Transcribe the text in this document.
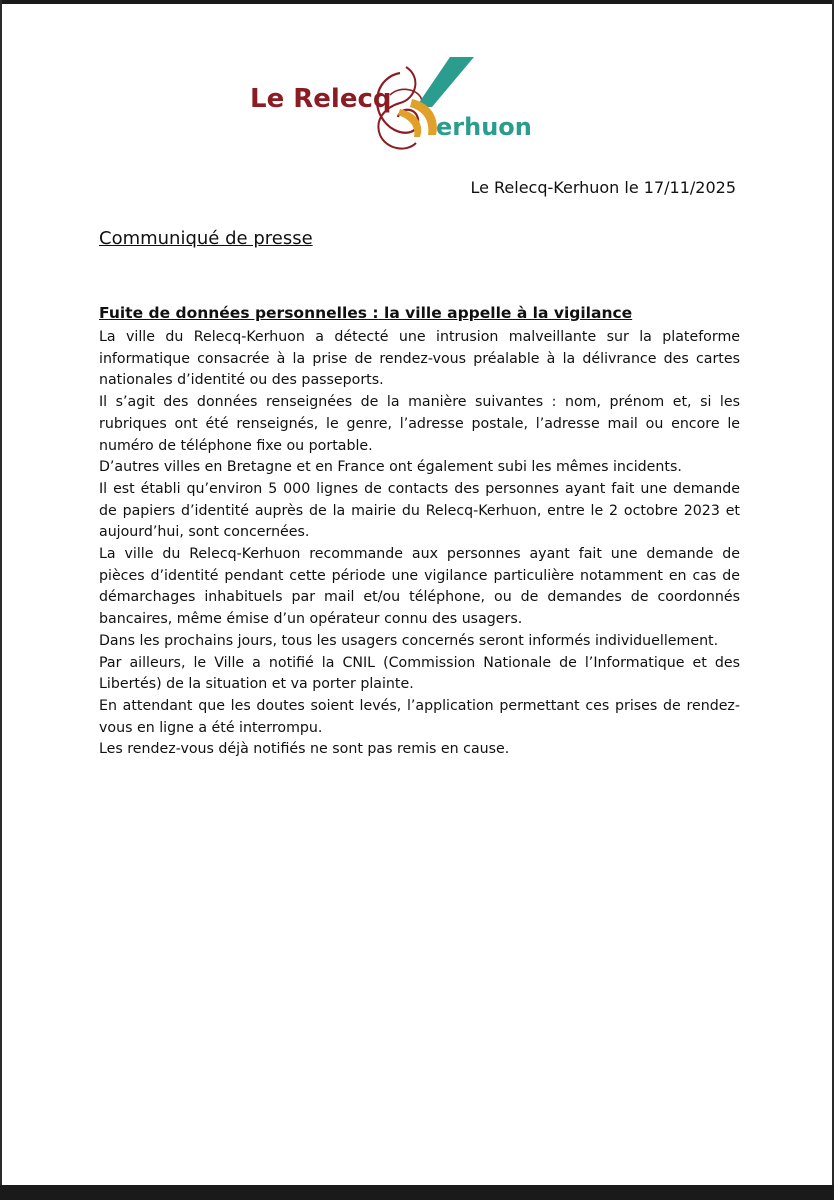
Le Relecq
erhuon
Le Relecq-Kerhuon le 17/11/2025
Communiqué de presse
Fuite de données personnelles : la ville appelle à la vigilance

La ville du Relecq-Kerhuon a détecté une intrusion malveillante sur la plateforme informatique consacrée à la prise de rendez-vous préalable à la délivrance des cartes nationales d’identité ou des passeports.

Il s’agit des données renseignées de la manière suivantes : nom, prénom et, si les rubriques ont été renseignés, le genre, l’adresse postale, l’adresse mail ou encore le numéro de téléphone fixe ou portable.

D’autres villes en Bretagne et en France ont également subi les mêmes incidents.

Il est établi qu’environ 5 000 lignes de contacts des personnes ayant fait une demande de papiers d’identité auprès de la mairie du Relecq-Kerhuon, entre le 2 octobre 2023 et aujourd’hui, sont concernées.

La ville du Relecq-Kerhuon recommande aux personnes ayant fait une demande de pièces d’identité pendant cette période une vigilance particulière notamment en cas de démarchages inhabituels par mail et/ou téléphone, ou de demandes de coordonnés bancaires, même émise d’un opérateur connu des usagers.

Dans les prochains jours, tous les usagers concernés seront informés individuellement.

Par ailleurs, le Ville a notifié la CNIL (Commission Nationale de l’Informatique et des Libertés) de la situation et va porter plainte.

En attendant que les doutes soient levés, l’application permettant ces prises de rendez-vous en ligne a été interrompu.

Les rendez-vous déjà notifiés ne sont pas remis en cause.
